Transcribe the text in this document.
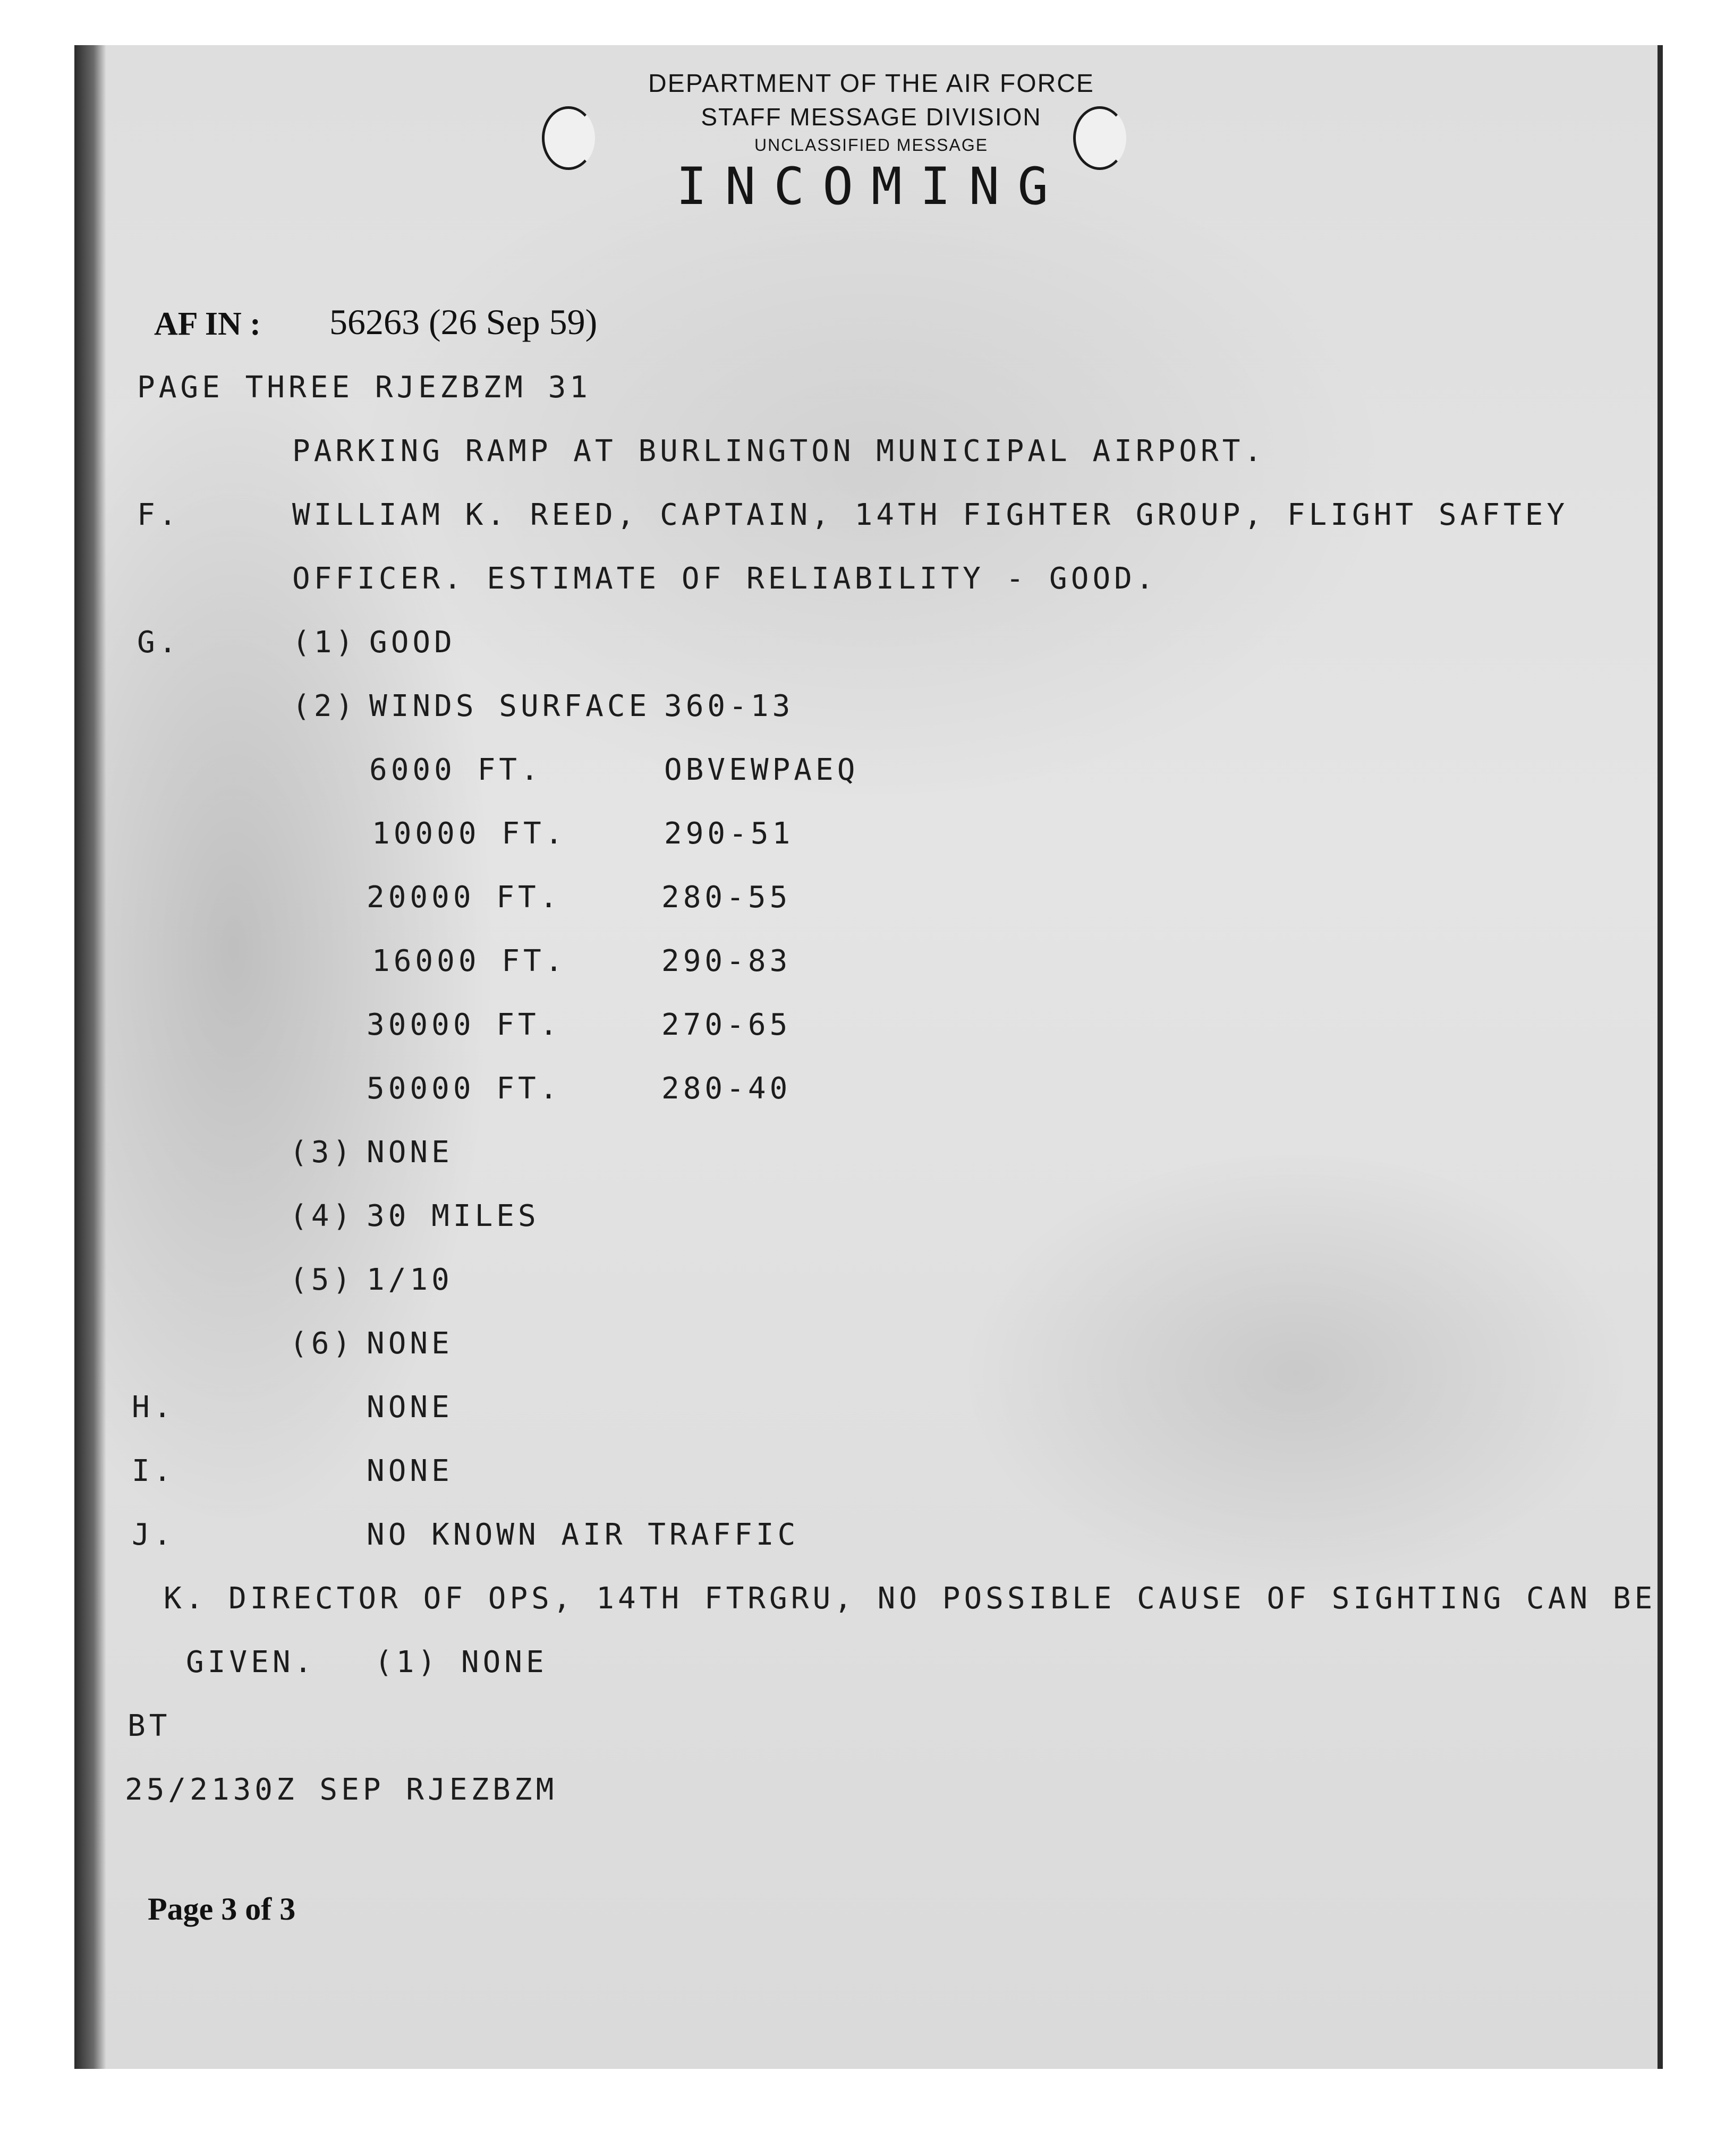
DEPARTMENT OF THE AIR FORCE
STAFF MESSAGE DIVISION
UNCLASSIFIED MESSAGE
INCOMING
AF IN : 56263 (26 Sep 59)
PAGE THREE RJEZBZM 31
PARKING RAMP AT BURLINGTON MUNICIPAL AIRPORT.
F.	WILLIAM K. REED, CAPTAIN, 14TH FIGHTER GROUP, FLIGHT SAFTEY
OFFICER. ESTIMATE OF RELIABILITY - GOOD.
G.	(1) GOOD
(2) WINDS SURFACE 360-13
6000 FT.	OBVEWPAEQ
10000 FT.	290-51
20000 FT.	280-55
16000 FT.	290-83
30000 FT.	270-65
50000 FT.	280-40
(3) NONE
(4) 30 MILES
(5) 1/10
(6) NONE
H.	NONE
I.	NONE
J.	NO KNOWN AIR TRAFFIC
K. DIRECTOR OF OPS, 14TH FTRGRU, NO POSSIBLE CAUSE OF SIGHTING CAN BE
GIVEN. (1) NONE
BT
25/2130Z SEP RJEZBZM
Page 3 of 3
